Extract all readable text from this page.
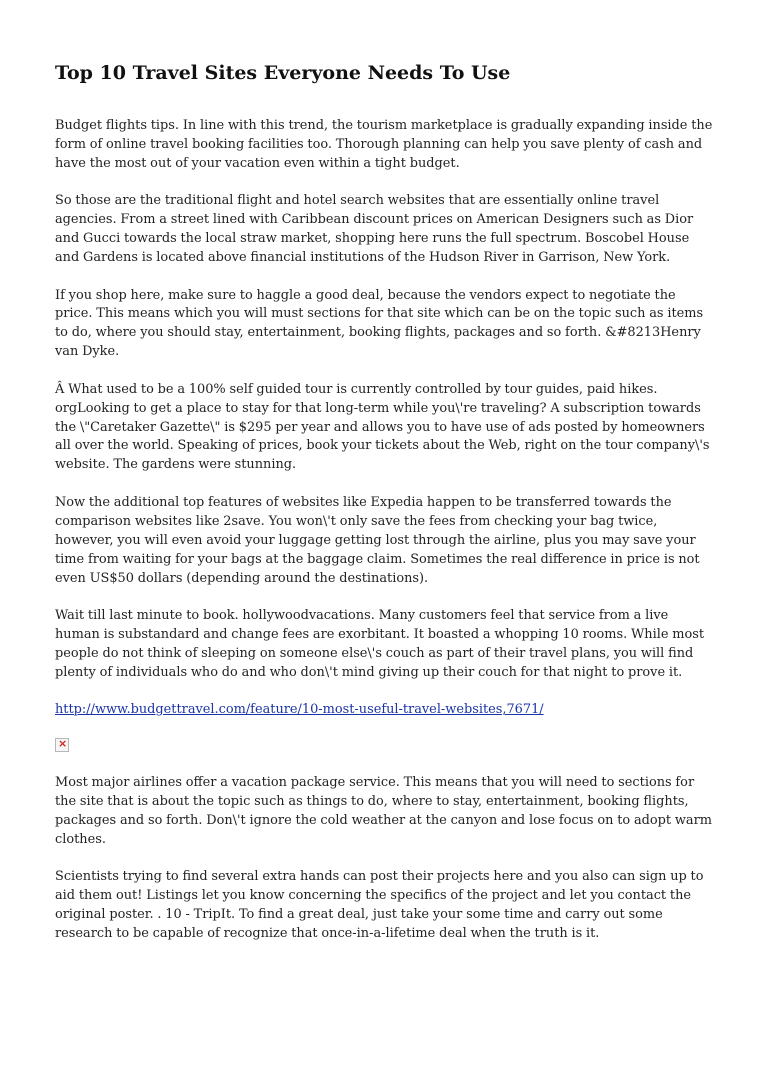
Top 10 Travel Sites Everyone Needs To Use

Budget flights tips. In line with this trend, the tourism marketplace is gradually expanding inside the form of online travel booking facilities too. Thorough planning can help you save plenty of cash and have the most out of your vacation even within a tight budget.

So those are the traditional flight and hotel search websites that are essentially online travel agencies. From a street lined with Caribbean discount prices on American Designers such as Dior and Gucci towards the local straw market, shopping here runs the full spectrum. Boscobel House and Gardens is located above financial institutions of the Hudson River in Garrison, New York.

If you shop here, make sure to haggle a good deal, because the vendors expect to negotiate the price. This means which you will must sections for that site which can be on the topic such as items to do, where you should stay, entertainment, booking flights, packages and so forth. &#8213Henry van Dyke.

Â What used to be a 100% self guided tour is currently controlled by tour guides, paid hikes. orgLooking to get a place to stay for that long-term while you\'re traveling? A subscription towards the \"Caretaker Gazette\" is $295 per year and allows you to have use of ads posted by homeowners all over the world. Speaking of prices, book your tickets about the Web, right on the tour company\'s website. The gardens were stunning.

Now the additional top features of websites like Expedia happen to be transferred towards the comparison websites like 2save. You won\'t only save the fees from checking your bag twice, however, you will even avoid your luggage getting lost through the airline, plus you may save your time from waiting for your bags at the baggage claim. Sometimes the real difference in price is not even US$50 dollars (depending around the destinations).

Wait till last minute to book. hollywoodvacations. Many customers feel that service from a live human is substandard and change fees are exorbitant. It boasted a whopping 10 rooms. While most people do not think of sleeping on someone else\'s couch as part of their travel plans, you will find plenty of individuals who do and who don\'t mind giving up their couch for that night to prove it.

http://www.budgettravel.com/feature/10-most-useful-travel-websites,7671/

×

Most major airlines offer a vacation package service. This means that you will need to sections for the site that is about the topic such as things to do, where to stay, entertainment, booking flights, packages and so forth. Don\'t ignore the cold weather at the canyon and lose focus on to adopt warm clothes.

Scientists trying to find several extra hands can post their projects here and you also can sign up to aid them out! Listings let you know concerning the specifics of the project and let you contact the original poster. . 10 - TripIt. To find a great deal, just take your some time and carry out some research to be capable of recognize that once-in-a-lifetime deal when the truth is it.
